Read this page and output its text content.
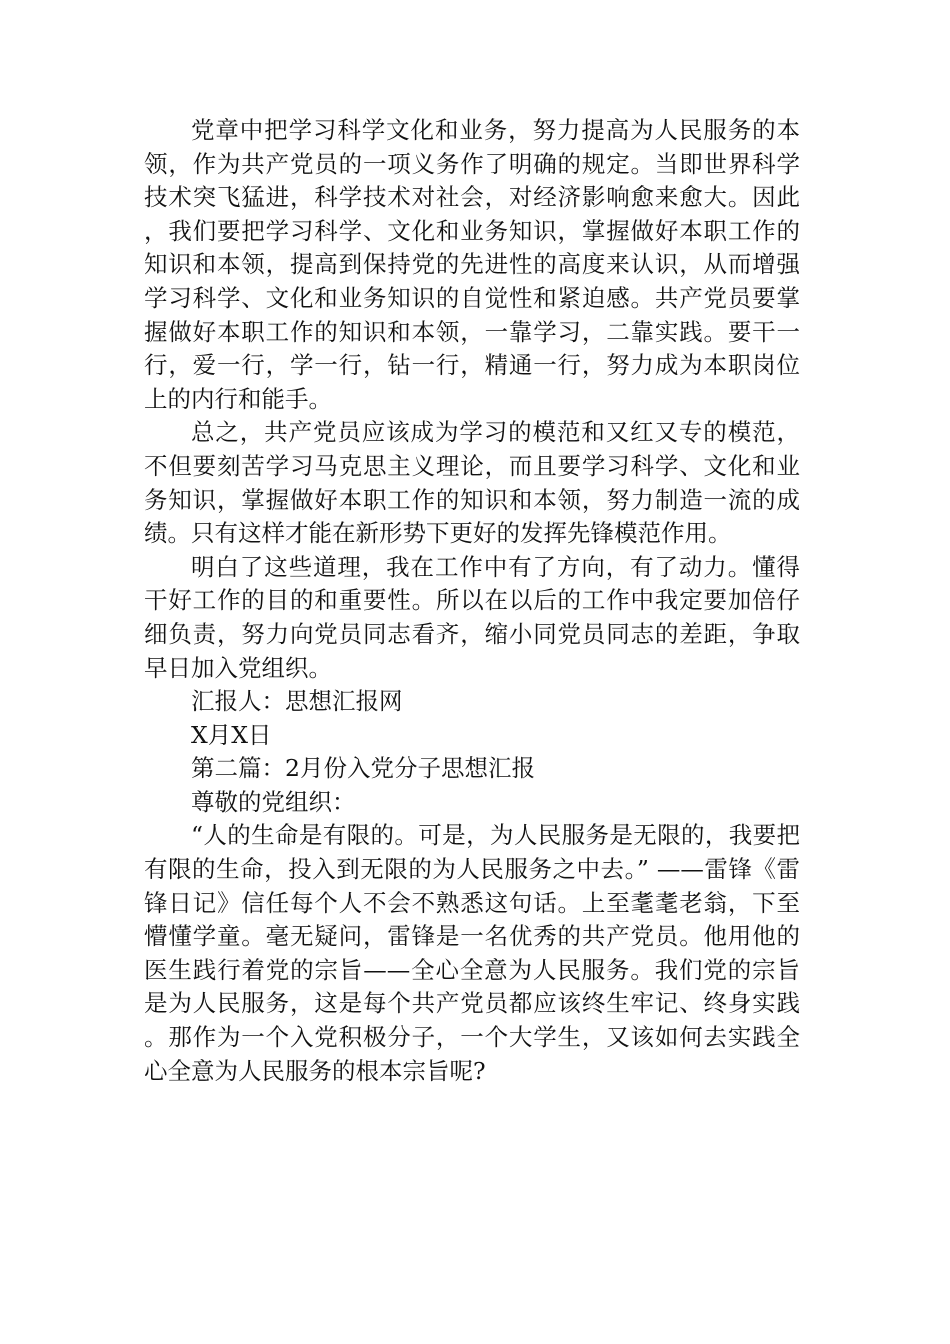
党章中把学习科学文化和业务，努力提高为人民服务的本领，作为共产党员的一项义务作了明确的规定。当即世界科学技术突飞猛进，科学技术对社会，对经济影响愈来愈大。因此，我们要把学习科学、文化和业务知识，掌握做好本职工作的知识和本领，提高到保持党的先进性的高度来认识，从而增强学习科学、文化和业务知识的自觉性和紧迫感。共产党员要掌握做好本职工作的知识和本领，一靠学习，二靠实践。要干一行，爱一行，学一行，钻一行，精通一行，努力成为本职岗位上的内行和能手。

总之，共产党员应该成为学习的模范和又红又专的模范，不但要刻苦学习马克思主义理论，而且要学习科学、文化和业务知识，掌握做好本职工作的知识和本领，努力制造一流的成绩。只有这样才能在新形势下更好的发挥先锋模范作用。

明白了这些道理，我在工作中有了方向，有了动力。懂得干好工作的目的和重要性。所以在以后的工作中我定要加倍仔细负责，努力向党员同志看齐，缩小同党员同志的差距，争取早日加入党组织。

汇报人：思想汇报网

X月X日

第二篇：2月份入党分子思想汇报

尊敬的党组织：

“人的生命是有限的。可是，为人民服务是无限的，我要把有限的生命，投入到无限的为人民服务之中去。” ——雷锋《雷锋日记》信任每个人不会不熟悉这句话。上至耄耄老翁，下至懵懂学童。毫无疑问，雷锋是一名优秀的共产党员。他用他的医生践行着党的宗旨——全心全意为人民服务。我们党的宗旨是为人民服务，这是每个共产党员都应该终生牢记、终身实践。那作为一个入党积极分子，一个大学生，又该如何去实践全心全意为人民服务的根本宗旨呢?
